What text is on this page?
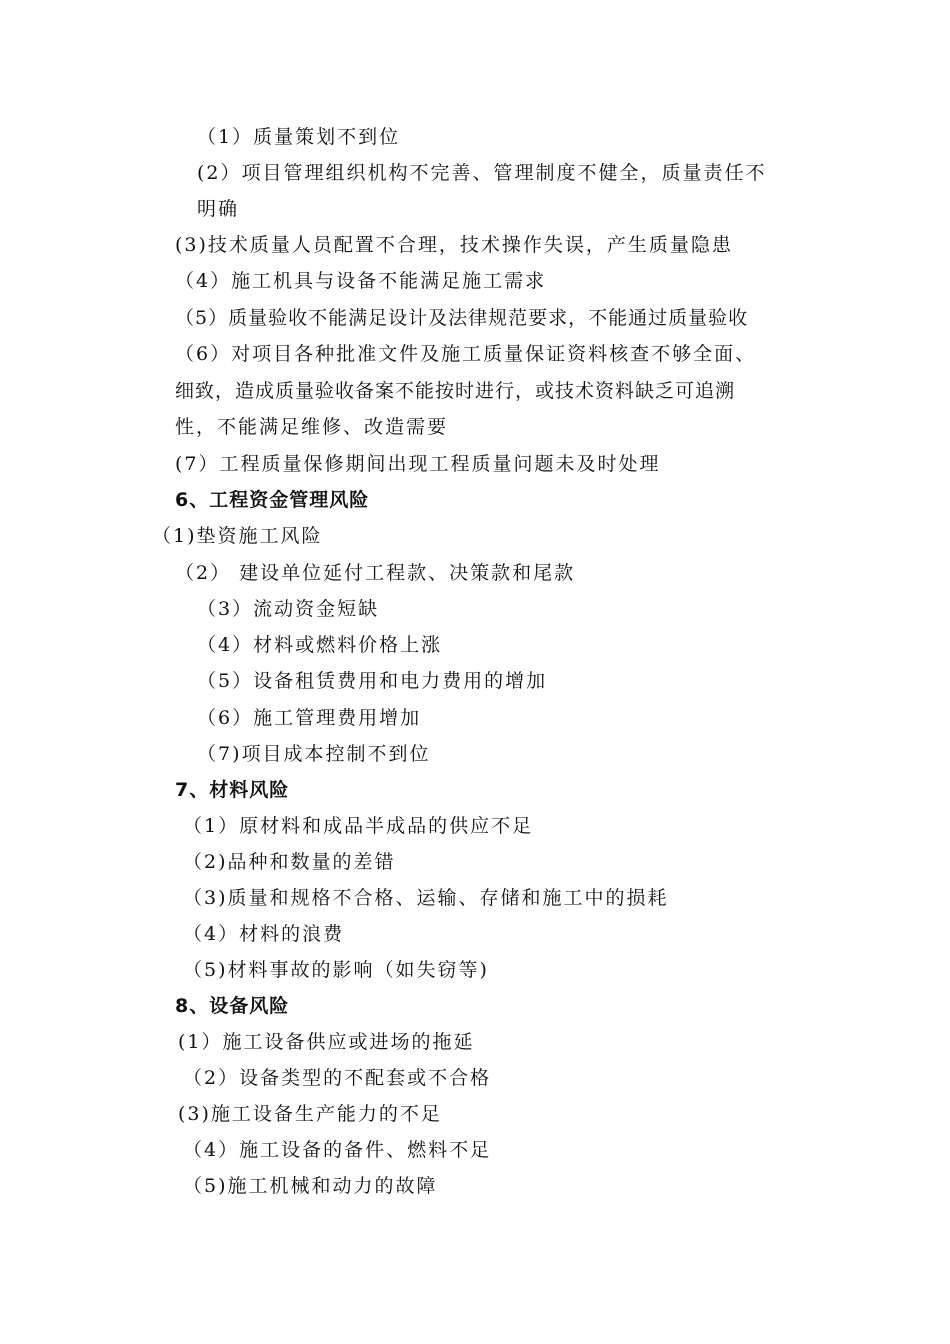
（1）质量策划不到位
(2）项目管理组织机构不完善、管理制度不健全，质量责任不
明确
(3)技术质量人员配置不合理，技术操作失误，产生质量隐患
（4）施工机具与设备不能满足施工需求
（5）质量验收不能满足设计及法律规范要求，不能通过质量验收
（6）对项目各种批准文件及施工质量保证资料核查不够全面、
细致，造成质量验收备案不能按时进行，或技术资料缺乏可追溯
性，不能满足维修、改造需要
(7）工程质量保修期间出现工程质量问题未及时处理
6、工程资金管理风险
（1)垫资施工风险
（2） 建设单位延付工程款、决策款和尾款
（3）流动资金短缺
（4）材料或燃料价格上涨
（5）设备租赁费用和电力费用的增加
（6）施工管理费用增加
（7)项目成本控制不到位
7、材料风险
（1）原材料和成品半成品的供应不足
（2)品种和数量的差错
（3)质量和规格不合格、运输、存储和施工中的损耗
（4）材料的浪费
（5)材料事故的影响（如失窃等)
8、设备风险
(1）施工设备供应或进场的拖延
（2）设备类型的不配套或不合格
(3)施工设备生产能力的不足
（4）施工设备的备件、燃料不足
（5)施工机械和动力的故障
